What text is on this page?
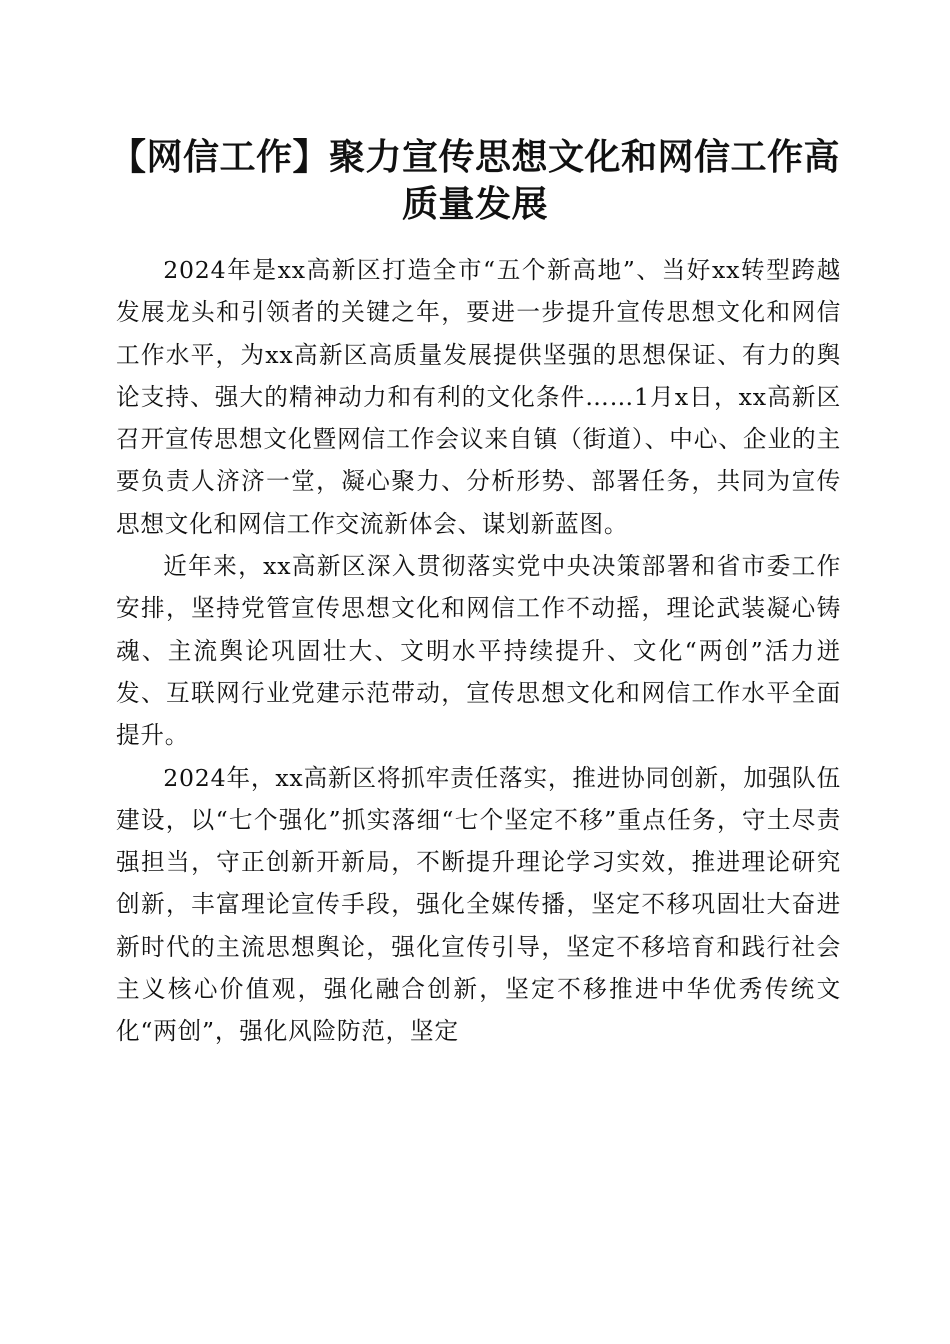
【网信工作】聚力宣传思想文化和网信工作高质量发展

2024年是xx高新区打造全市“五个新高地”、当好xx转型跨越发展龙头和引领者的关键之年，要进一步提升宣传思想文化和网信工作水平，为xx高新区高质量发展提供坚强的思想保证、有力的舆论支持、强大的精神动力和有利的文化条件……1月x日，xx高新区召开宣传思想文化暨网信工作会议来自镇（街道）、中心、企业的主要负责人济济一堂，凝心聚力、分析形势、部署任务，共同为宣传思想文化和网信工作交流新体会、谋划新蓝图。

近年来，xx高新区深入贯彻落实党中央决策部署和省市委工作安排，坚持党管宣传思想文化和网信工作不动摇，理论武装凝心铸魂、主流舆论巩固壮大、文明水平持续提升、文化“两创”活力迸发、互联网行业党建示范带动，宣传思想文化和网信工作水平全面提升。

2024年，xx高新区将抓牢责任落实，推进协同创新，加强队伍建设，以“七个强化”抓实落细“七个坚定不移”重点任务，守土尽责强担当，守正创新开新局，不断提升理论学习实效，推进理论研究创新，丰富理论宣传手段，强化全媒传播，坚定不移巩固壮大奋进新时代的主流思想舆论，强化宣传引导，坚定不移培育和践行社会主义核心价值观，强化融合创新，坚定不移推进中华优秀传统文化“两创”，强化风险防范，坚定
